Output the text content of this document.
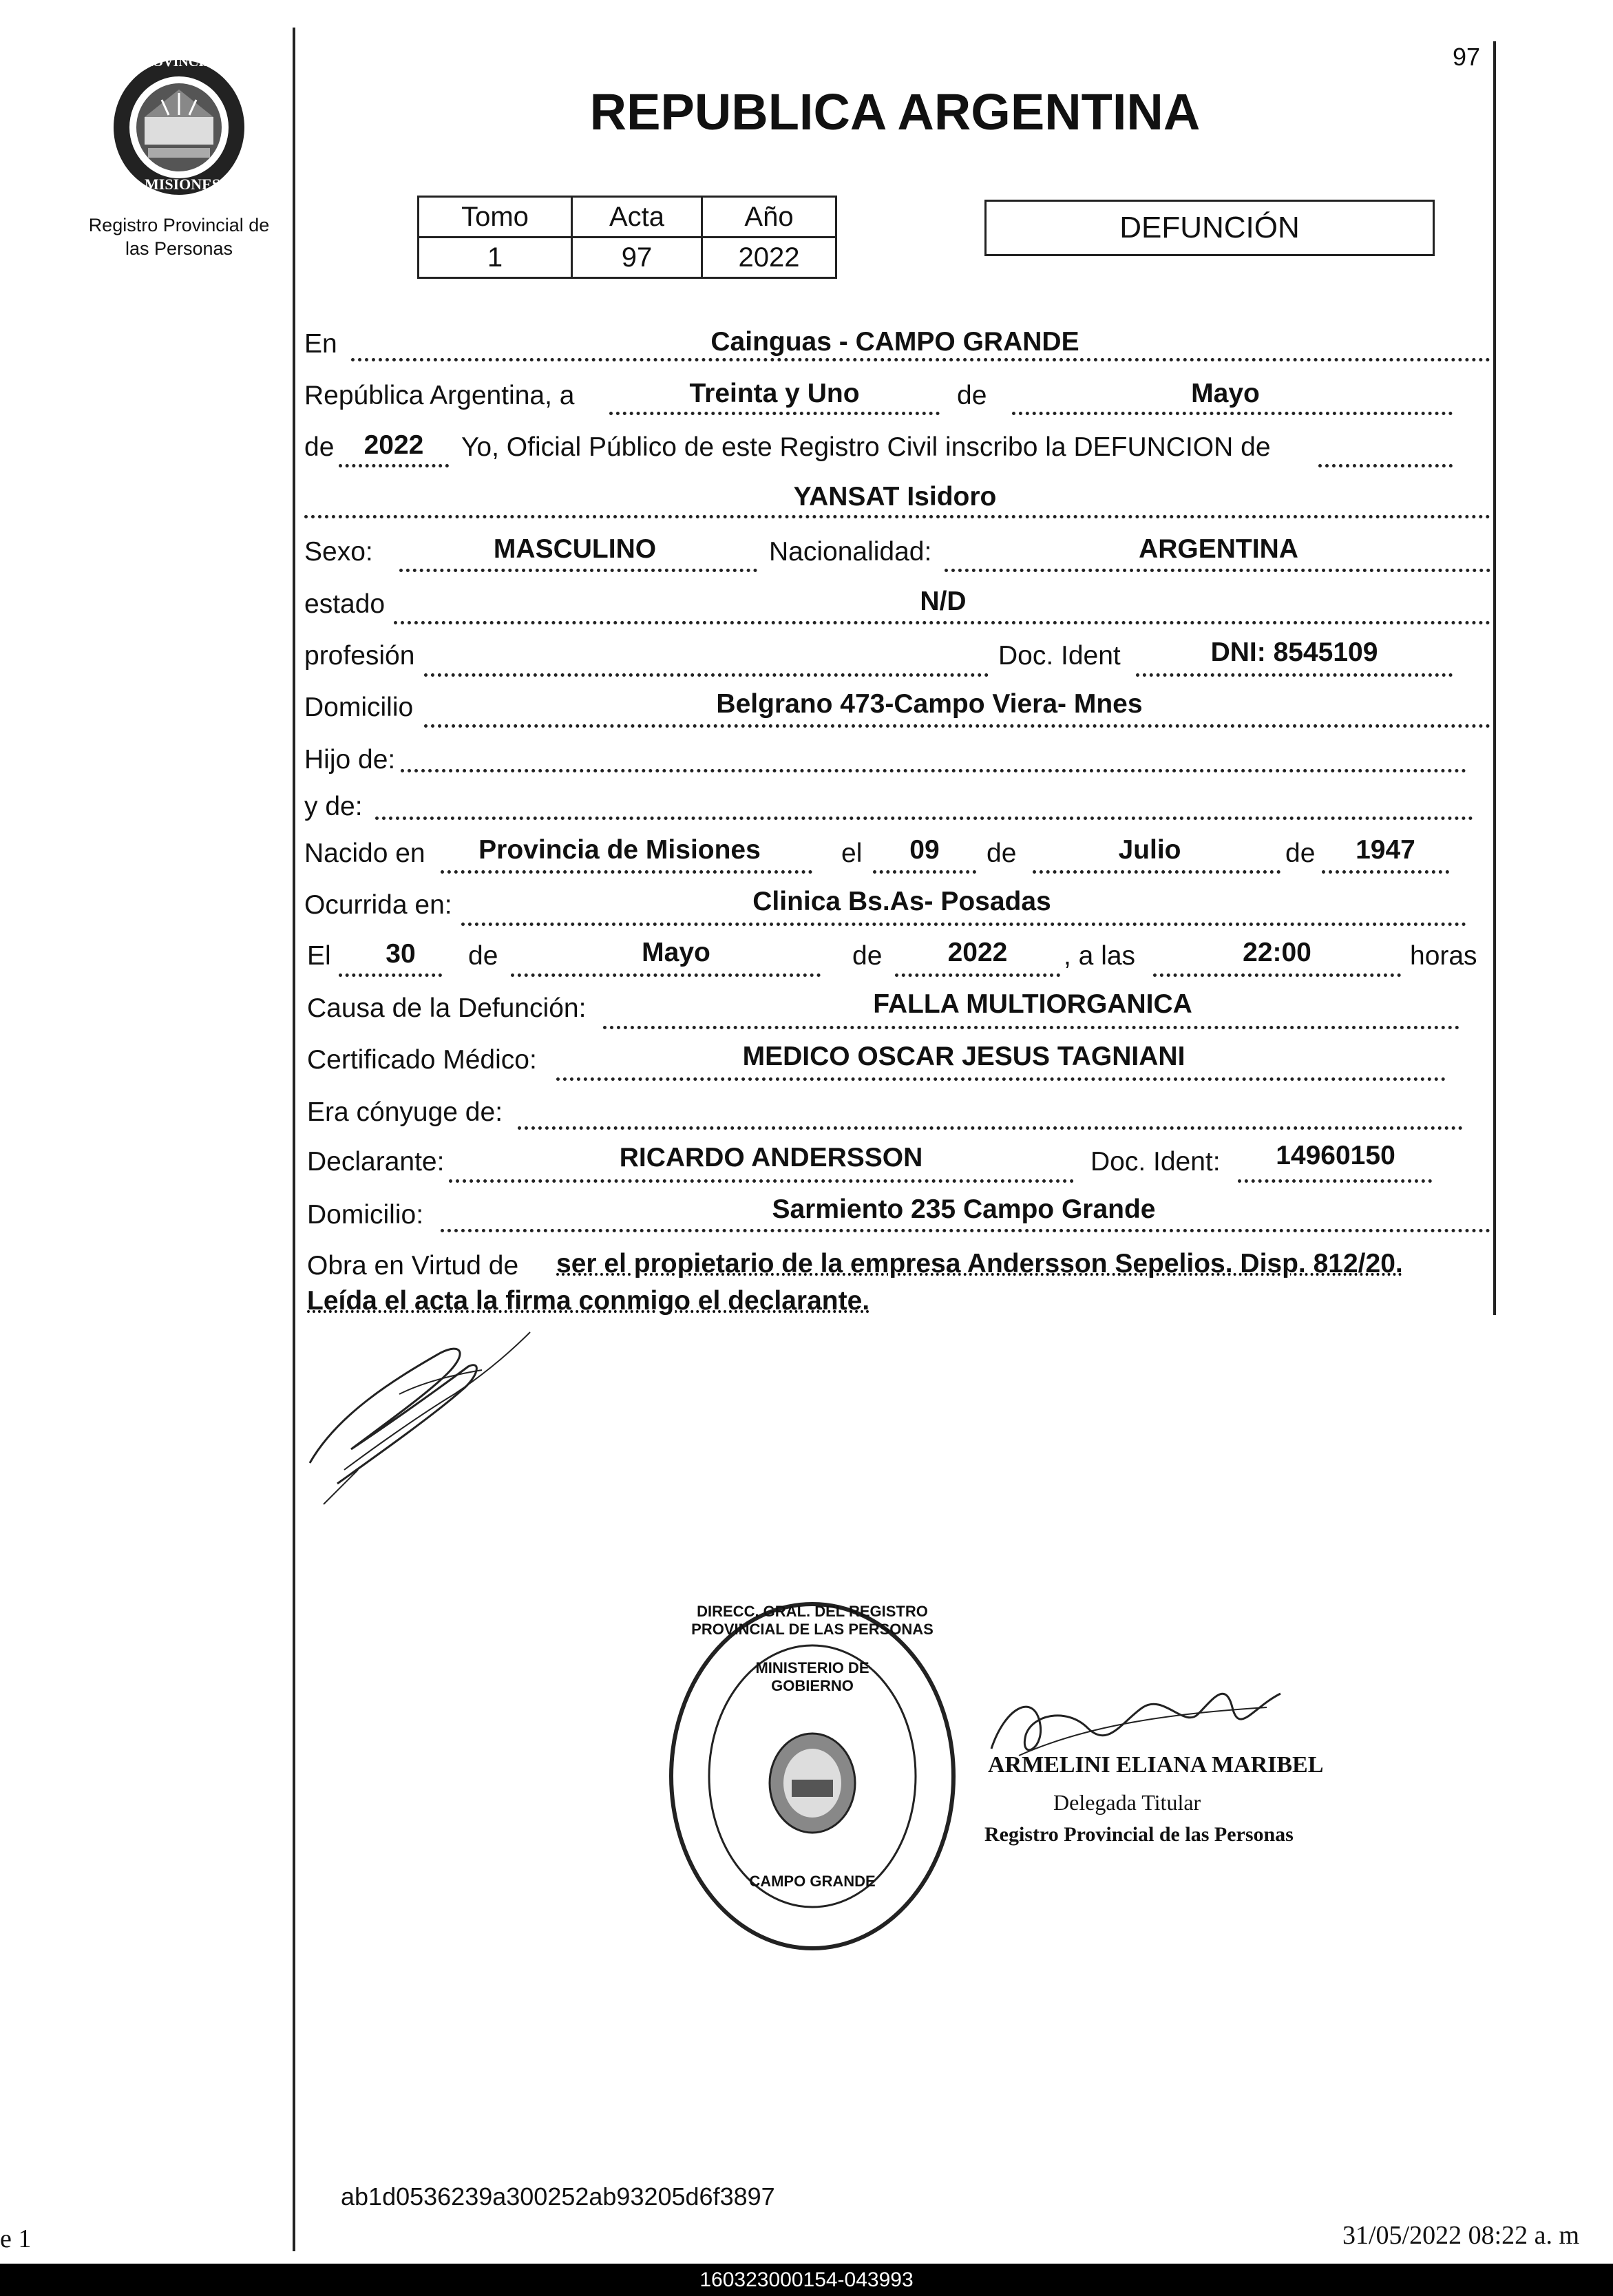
97
PROVINCIA DE
MISIONES
Registro Provincial de
las Personas
REPUBLICA ARGENTINA
Tomo	Acta	Año
1	97	2022
DEFUNCIÓN
En	Cainguas - CAMPO GRANDE
República Argentina, a	Treinta y Uno	de	Mayo
de	2022	Yo, Oficial Público de este Registro Civil inscribo la DEFUNCION de
YANSAT Isidoro
Sexo:	MASCULINO	Nacionalidad:	ARGENTINA
estado	N/D
profesión	Doc. Ident	DNI: 8545109
Domicilio	Belgrano 473-Campo Viera- Mnes
Hijo de:
y de:
Nacido en	Provincia de Misiones	el	09	de	Julio	de	1947
Ocurrida en:	Clinica Bs.As- Posadas
El	30	de	Mayo	de	2022	, a las	22:00	horas
Causa de la Defunción:	FALLA MULTIORGANICA
Certificado Médico:	MEDICO OSCAR JESUS TAGNIANI
Era cónyuge de:
Declarante:	RICARDO ANDERSSON	Doc. Ident:	14960150
Domicilio:	Sarmiento 235 Campo Grande
Obra en Virtud de ser el propietario de la empresa Andersson Sepelios. Disp. 812/20.
Leída el acta la firma conmigo el declarante.
DIRECC. GRAL. DEL REGISTRO PROVINCIAL DE LAS PERSONAS
MINISTERIO DE GOBIERNO
CAMPO GRANDE
ARMELINI ELIANA MARIBEL
Delegada Titular
Registro Provincial de las Personas
ab1d0536239a300252ab93205d6f3897
e 1	31/05/2022 08:22 a. m
160323000154-043993
